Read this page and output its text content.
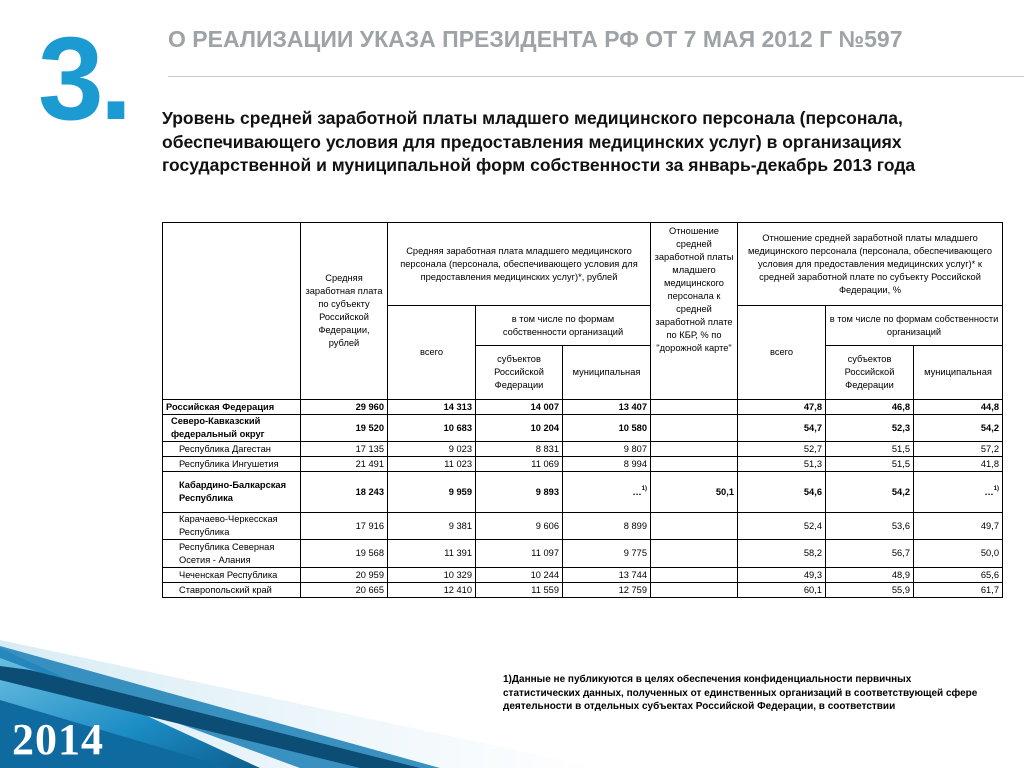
3. О РЕАЛИЗАЦИИ УКАЗА ПРЕЗИДЕНТА РФ ОТ 7 МАЯ 2012 Г №597
Уровень средней заработной платы младшего медицинского персонала (персонала, обеспечивающего условия для предоставления медицинских услуг) в организациях государственной и муниципальной форм собственности за январь-декабрь 2013 года
	Средняя заработная плата по субъекту Российской Федерации, рублей	Средняя заработная плата младшего медицинского персонала (персонала, обеспечивающего условия для предоставления медицинских услуг)*, рублей			Отношение средней заработной платы младшего медицинского персонала к средней заработной плате по КБР, % по "дорожной карте"	Отношение средней заработной платы младшего медицинского персонала (персонала, обеспечивающего условия для предоставления медицинских услуг)* к средней заработной плате по субъекту Российской Федерации, %		
		всего	в том числе по формам собственности организаций			всего	в том числе по формам собственности организаций	
			субъектов Российской Федерации	муниципальная			субъектов Российской Федерации	муниципальная
Российская Федерация	29 960	14 313	14 007	13 407		47,8	46,8	44,8
Северо-Кавказский федеральный округ	19 520	10 683	10 204	10 580		54,7	52,3	54,2
Республика Дагестан	17 135	9 023	8 831	9 807		52,7	51,5	57,2
Республика Ингушетия	21 491	11 023	11 069	8 994		51,3	51,5	41,8
Кабардино-Балкарская Республика	18 243	9 959	9 893	…$^{1)}$	50,1	54,6	54,2	…$^{1)}$
Карачаево-Черкесская Республика	17 916	9 381	9 606	8 899		52,4	53,6	49,7
Республика Северная Осетия - Алания	19 568	11 391	11 097	9 775		58,2	56,7	50,0
Чеченская Республика	20 959	10 329	10 244	13 744		49,3	48,9	65,6
Ставропольский край	20 665	12 410	11 559	12 759		60,1	55,9	61,7
1)Данные не публикуются в целях обеспечения конфиденциальности первичных статистических данных, полученных от единственных организаций в соответствующей сфере деятельности в отдельных субъектах Российской Федерации, в соответствии
2014
